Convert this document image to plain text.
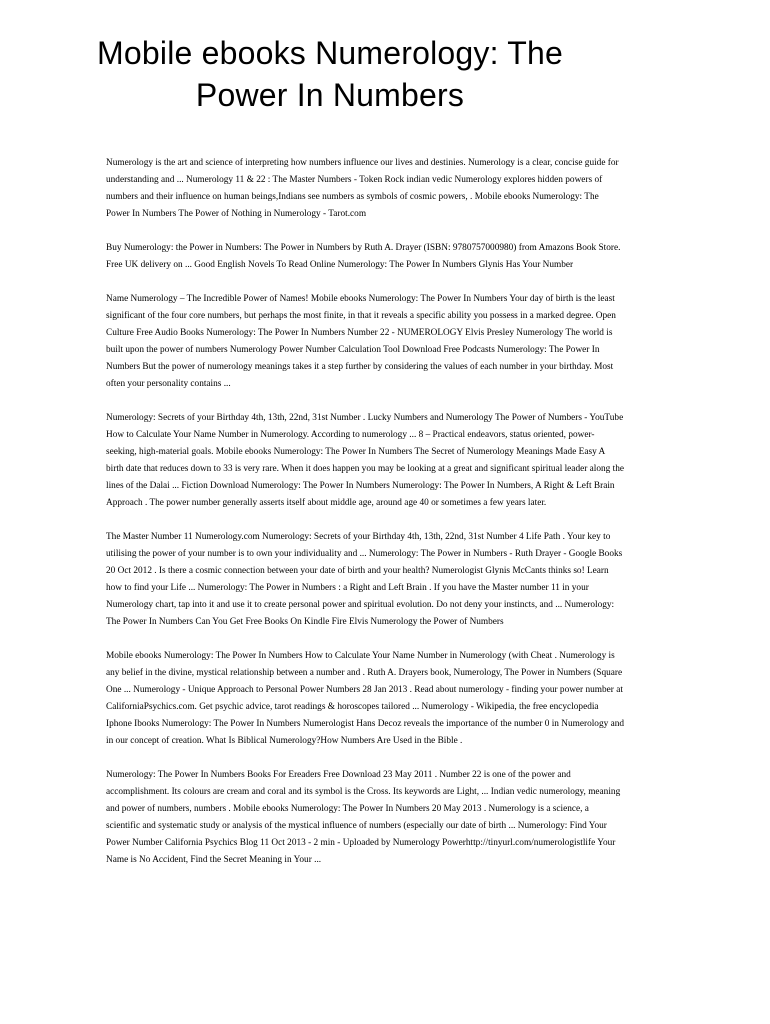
Mobile ebooks Numerology: The Power In Numbers

Numerology is the art and science of interpreting how numbers influence our lives and destinies. Numerology is a clear, concise guide for understanding and ... Numerology 11 & 22 : The Master Numbers - Token Rock indian vedic Numerology explores hidden powers of numbers and their influence on human beings,Indians see numbers as symbols of cosmic powers, . Mobile ebooks Numerology: The Power In Numbers The Power of Nothing in Numerology - Tarot.com

Buy Numerology: the Power in Numbers: The Power in Numbers by Ruth A. Drayer (ISBN: 9780757000980) from Amazons Book Store. Free UK delivery on ... Good English Novels To Read Online Numerology: The Power In Numbers Glynis Has Your Number

Name Numerology – The Incredible Power of Names! Mobile ebooks Numerology: The Power In Numbers Your day of birth is the least significant of the four core numbers, but perhaps the most finite, in that it reveals a specific ability you possess in a marked degree. Open Culture Free Audio Books Numerology: The Power In Numbers Number 22 - NUMEROLOGY Elvis Presley Numerology The world is built upon the power of numbers Numerology Power Number Calculation Tool Download Free Podcasts Numerology: The Power In Numbers But the power of numerology meanings takes it a step further by considering the values of each number in your birthday. Most often your personality contains ...

Numerology: Secrets of your Birthday 4th, 13th, 22nd, 31st Number . Lucky Numbers and Numerology The Power of Numbers - YouTube How to Calculate Your Name Number in Numerology. According to numerology ... 8 – Practical endeavors, status oriented, power-seeking, high-material goals. Mobile ebooks Numerology: The Power In Numbers The Secret of Numerology Meanings Made Easy A birth date that reduces down to 33 is very rare. When it does happen you may be looking at a great and significant spiritual leader along the lines of the Dalai ... Fiction Download Numerology: The Power In Numbers Numerology: The Power In Numbers, A Right & Left Brain Approach . The power number generally asserts itself about middle age, around age 40 or sometimes a few years later.

The Master Number 11 Numerology.com Numerology: Secrets of your Birthday 4th, 13th, 22nd, 31st Number 4 Life Path . Your key to utilising the power of your number is to own your individuality and ... Numerology: The Power in Numbers - Ruth Drayer - Google Books 20 Oct 2012 . Is there a cosmic connection between your date of birth and your health? Numerologist Glynis McCants thinks so! Learn how to find your Life ... Numerology: The Power in Numbers : a Right and Left Brain . If you have the Master number 11 in your Numerology chart, tap into it and use it to create personal power and spiritual evolution. Do not deny your instincts, and ... Numerology: The Power In Numbers Can You Get Free Books On Kindle Fire Elvis Numerology the Power of Numbers

Mobile ebooks Numerology: The Power In Numbers How to Calculate Your Name Number in Numerology (with Cheat . Numerology is any belief in the divine, mystical relationship between a number and . Ruth A. Drayers book, Numerology, The Power in Numbers (Square One ... Numerology - Unique Approach to Personal Power Numbers 28 Jan 2013 . Read about numerology - finding your power number at CaliforniaPsychics.com. Get psychic advice, tarot readings & horoscopes tailored ... Numerology - Wikipedia, the free encyclopedia Iphone Ibooks Numerology: The Power In Numbers Numerologist Hans Decoz reveals the importance of the number 0 in Numerology and in our concept of creation. What Is Biblical Numerology?How Numbers Are Used in the Bible .

Numerology: The Power In Numbers Books For Ereaders Free Download 23 May 2011 . Number 22 is one of the power and accomplishment. Its colours are cream and coral and its symbol is the Cross. Its keywords are Light, ... Indian vedic numerology, meaning and power of numbers, numbers . Mobile ebooks Numerology: The Power In Numbers 20 May 2013 . Numerology is a science, a scientific and systematic study or analysis of the mystical influence of numbers (especially our date of birth ... Numerology: Find Your Power Number California Psychics Blog 11 Oct 2013 - 2 min - Uploaded by Numerology Powerhttp://tinyurl.com/numerologistlife Your Name is No Accident, Find the Secret Meaning in Your ...
